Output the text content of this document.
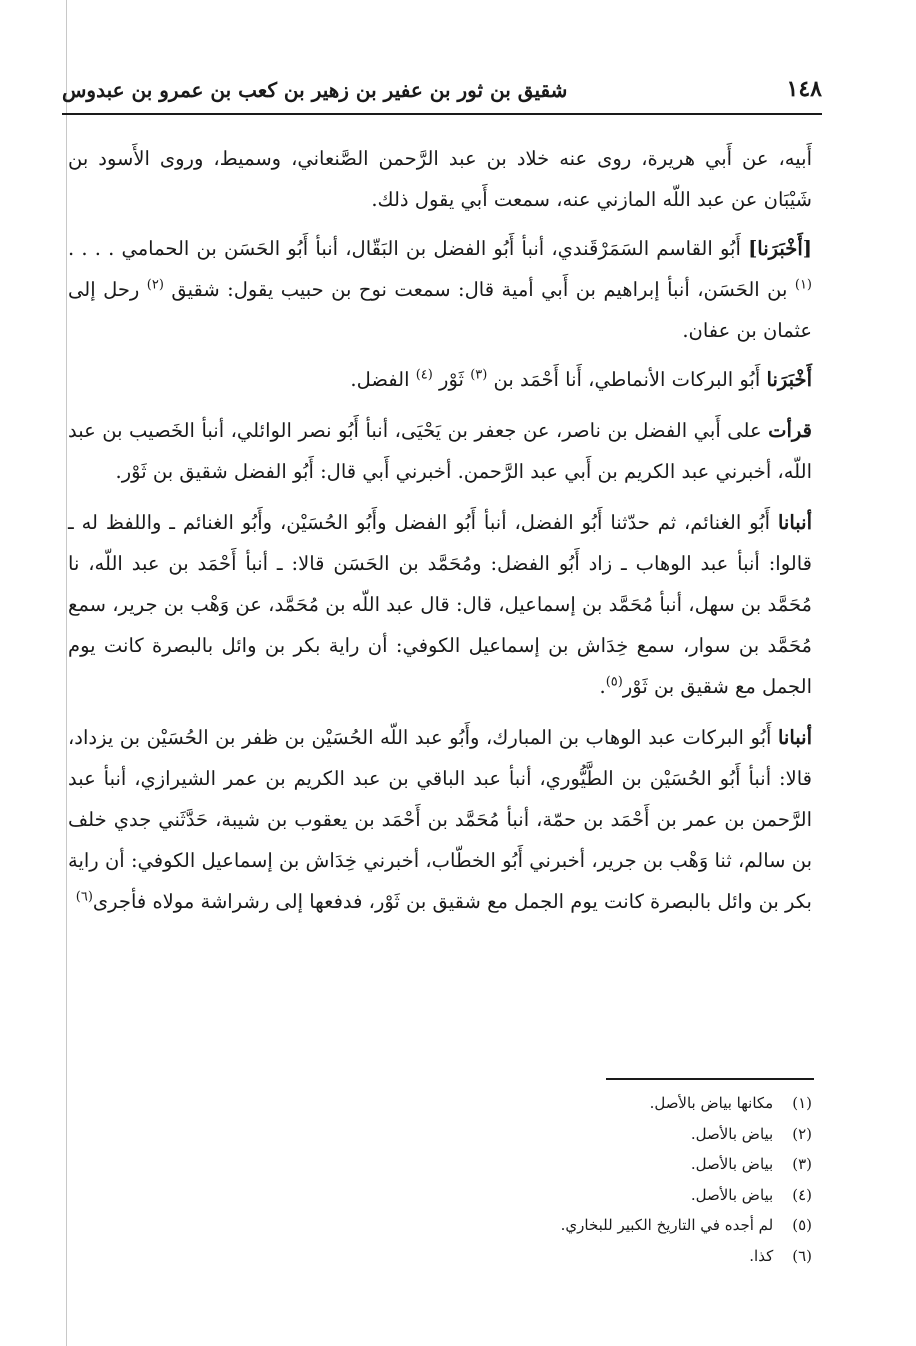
١٤٨
شقيق بن ثور بن عفير بن زهير بن كعب بن عمرو بن عبدوس

أَبيه، عن أَبي هريرة، روى عنه خلاد بن عبد الرَّحمن الصَّنعاني، وسميط، وروى الأَسود بن شَيْبَان عن عبد اللّه المازني عنه، سمعت أَبي يقول ذلك.

[أَخْبَرَنا] أَبُو القاسم السَمَرْقَندي، أنبأ أَبُو الفضل بن البَقّال، أنبأ أَبُو الحَسَن بن الحمامي . . . . $^{(١)}$ بن الحَسَن، أنبأ إبراهيم بن أَبي أمية قال: سمعت نوح بن حبيب يقول: شقيق $^{(٢)}$ رحل إلى عثمان بن عفان.

أَخْبَرَنا أَبُو البركات الأنماطي، أَنا أَحْمَد بن $^{(٣)}$ ثَوْر $^{(٤)}$ الفضل.

قرأت على أَبي الفضل بن ناصر، عن جعفر بن يَحْيَى، أنبأ أَبُو نصر الوائلي، أنبأ الخَصيب بن عبد اللّه، أخبرني عبد الكريم بن أَبي عبد الرَّحمن. أخبرني أَبي قال: أَبُو الفضل شقيق بن ثَوْر.

أنبانا أَبُو الغنائم، ثم حدّثنا أَبُو الفضل، أنبأ أَبُو الفضل وأَبُو الحُسَيْن، وأَبُو الغنائم ـ واللفظ له ـ قالوا: أنبأ عبد الوهاب ـ زاد أَبُو الفضل: ومُحَمَّد بن الحَسَن قالا: ـ أنبأ أَحْمَد بن عبد اللّه، نا مُحَمَّد بن سهل، أنبأ مُحَمَّد بن إسماعيل، قال: قال عبد اللّه بن مُحَمَّد، عن وَهْب بن جرير، سمع مُحَمَّد بن سوار، سمع خِدَاش بن إسماعيل الكوفي: أن راية بكر بن وائل بالبصرة كانت يوم الجمل مع شقيق بن ثَوْر$^{(٥)}$.

أنبانا أَبُو البركات عبد الوهاب بن المبارك، وأَبُو عبد اللّه الحُسَيْن بن ظفر بن الحُسَيْن بن يزداد، قالا: أنبأ أَبُو الحُسَيْن بن الطَّيُّوري، أنبأ عبد الباقي بن عبد الكريم بن عمر الشيرازي، أنبأ عبد الرَّحمن بن عمر بن أَحْمَد بن حمّة، أنبأ مُحَمَّد بن أَحْمَد بن يعقوب بن شيبة، حَدَّثَني جدي خلف بن سالم، ثنا وَهْب بن جرير، أخبرني أَبُو الخطّاب، أخبرني خِدَاش بن إسماعيل الكوفي: أن راية بكر بن وائل بالبصرة كانت يوم الجمل مع شقيق بن ثَوْر، فدفعها إلى رشراشة مولاه فأجرى$^{(٦)}$

(١) مكانها بياض بالأصل.
(٢) بياض بالأصل.
(٣) بياض بالأصل.
(٤) بياض بالأصل.
(٥) لم أجده في التاريخ الكبير للبخاري.
(٦) كذا.
